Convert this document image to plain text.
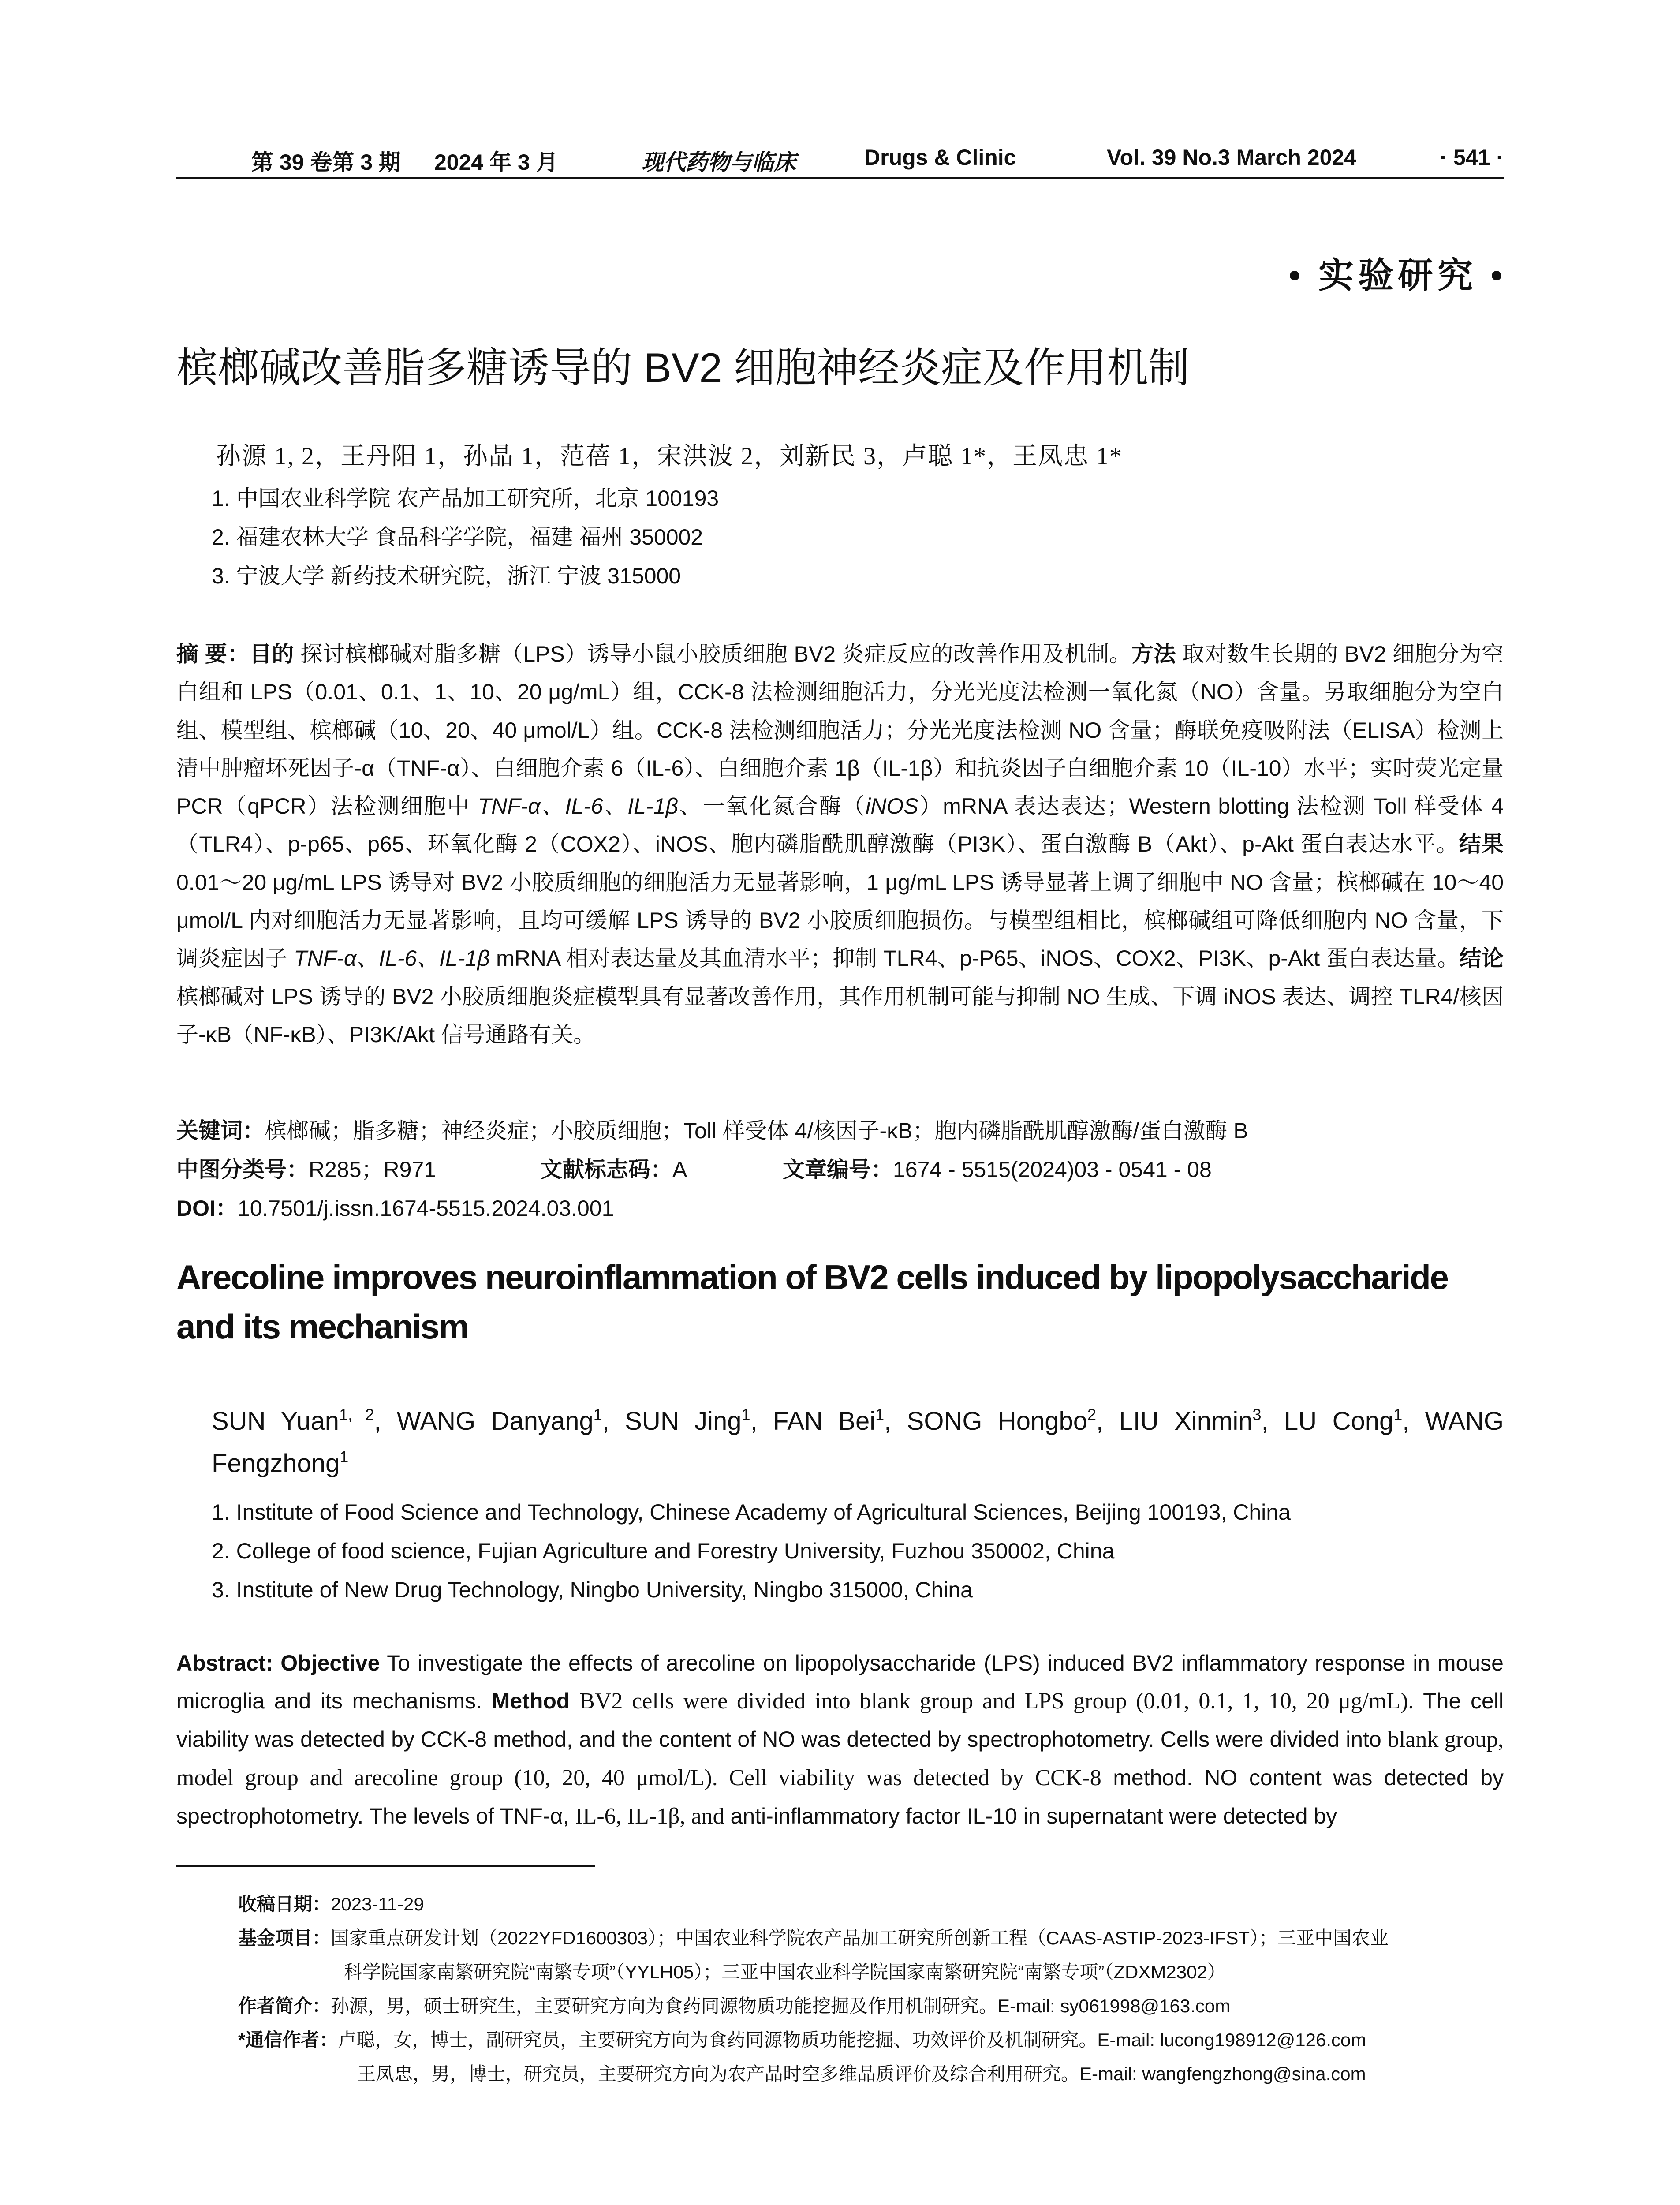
第 39 卷第 3 期 2024 年 3 月	现代药物与临床	Drugs & Clinic	Vol. 39 No.3 March 2024	· 541 ·
• 实验研究 •
槟榔碱改善脂多糖诱导的 BV2 细胞神经炎症及作用机制
孙源 1, 2，王丹阳 1，孙晶 1，范蓓 1，宋洪波 2，刘新民 3，卢聪 1*，王凤忠 1*
1. 中国农业科学院 农产品加工研究所，北京 100193
2. 福建农林大学 食品科学学院，福建 福州 350002
3. 宁波大学 新药技术研究院，浙江 宁波 315000
摘 要：目的 探讨槟榔碱对脂多糖（LPS）诱导小鼠小胶质细胞 BV2 炎症反应的改善作用及机制。方法 取对数生长期的 BV2 细胞分为空白组和 LPS（0.01、0.1、1、10、20 μg/mL）组，CCK-8 法检测细胞活力，分光光度法检测一氧化氮（NO）含量。另取细胞分为空白组、模型组、槟榔碱（10、20、40 μmol/L）组。CCK-8 法检测细胞活力；分光光度法检测 NO 含量；酶联免疫吸附法（ELISA）检测上清中肿瘤坏死因子-α（TNF-α）、白细胞介素 6（IL-6）、白细胞介素 1β（IL-1β）和抗炎因子白细胞介素 10（IL-10）水平；实时荧光定量 PCR（qPCR）法检测细胞中 TNF-α、IL-6、IL-1β、一氧化氮合酶（iNOS）mRNA 表达表达；Western blotting 法检测 Toll 样受体 4（TLR4）、p-p65、p65、环氧化酶 2（COX2）、iNOS、胞内磷脂酰肌醇激酶（PI3K）、蛋白激酶 B（Akt）、p-Akt 蛋白表达水平。结果 0.01～20 μg/mL LPS 诱导对 BV2 小胶质细胞的细胞活力无显著影响，1 μg/mL LPS 诱导显著上调了细胞中 NO 含量；槟榔碱在 10～40 μmol/L 内对细胞活力无显著影响，且均可缓解 LPS 诱导的 BV2 小胶质细胞损伤。与模型组相比，槟榔碱组可降低细胞内 NO 含量，下调炎症因子 TNF-α、IL-6、IL-1β mRNA 相对表达量及其血清水平；抑制 TLR4、p-P65、iNOS、COX2、PI3K、p-Akt 蛋白表达量。结论 槟榔碱对 LPS 诱导的 BV2 小胶质细胞炎症模型具有显著改善作用，其作用机制可能与抑制 NO 生成、下调 iNOS 表达、调控 TLR4/核因子-κB（NF-κB）、PI3K/Akt 信号通路有关。
关键词：槟榔碱；脂多糖；神经炎症；小胶质细胞；Toll 样受体 4/核因子-κB；胞内磷脂酰肌醇激酶/蛋白激酶 B
中图分类号：R285；R971	文献标志码：A	文章编号：1674 - 5515(2024)03 - 0541 - 08
DOI：10.7501/j.issn.1674-5515.2024.03.001
Arecoline improves neuroinflammation of BV2 cells induced by lipopolysaccharide and its mechanism
SUN Yuan$^{1, 2}$, WANG Danyang$^1$, SUN Jing$^1$, FAN Bei$^1$, SONG Hongbo$^2$, LIU Xinmin$^3$, LU Cong$^1$, WANG Fengzhong$^1$
1. Institute of Food Science and Technology, Chinese Academy of Agricultural Sciences, Beijing 100193, China
2. College of food science, Fujian Agriculture and Forestry University, Fuzhou 350002, China
3. Institute of New Drug Technology, Ningbo University, Ningbo 315000, China
Abstract: Objective To investigate the effects of arecoline on lipopolysaccharide (LPS) induced BV2 inflammatory response in mouse microglia and its mechanisms. Method BV2 cells were divided into blank group and LPS group (0.01, 0.1, 1, 10, 20 μg/mL). The cell viability was detected by CCK-8 method, and the content of NO was detected by spectrophotometry. Cells were divided into blank group, model group and arecoline group (10, 20, 40 μmol/L). Cell viability was detected by CCK-8 method. NO content was detected by spectrophotometry. The levels of TNF-α, IL-6, IL-1β, and anti-inflammatory factor IL-10 in supernatant were detected by
收稿日期：2023-11-29
基金项目：国家重点研发计划（2022YFD1600303）；中国农业科学院农产品加工研究所创新工程（CAAS-ASTIP-2023-IFST）；三亚中国农业
科学院国家南繁研究院“南繁专项”（YYLH05）；三亚中国农业科学院国家南繁研究院“南繁专项”（ZDXM2302）
作者简介：孙源，男，硕士研究生，主要研究方向为食药同源物质功能挖掘及作用机制研究。E-mail: sy061998@163.com
*通信作者：卢聪，女，博士，副研究员，主要研究方向为食药同源物质功能挖掘、功效评价及机制研究。E-mail: lucong198912@126.com
王凤忠，男，博士，研究员，主要研究方向为农产品时空多维品质评价及综合利用研究。E-mail: wangfengzhong@sina.com
